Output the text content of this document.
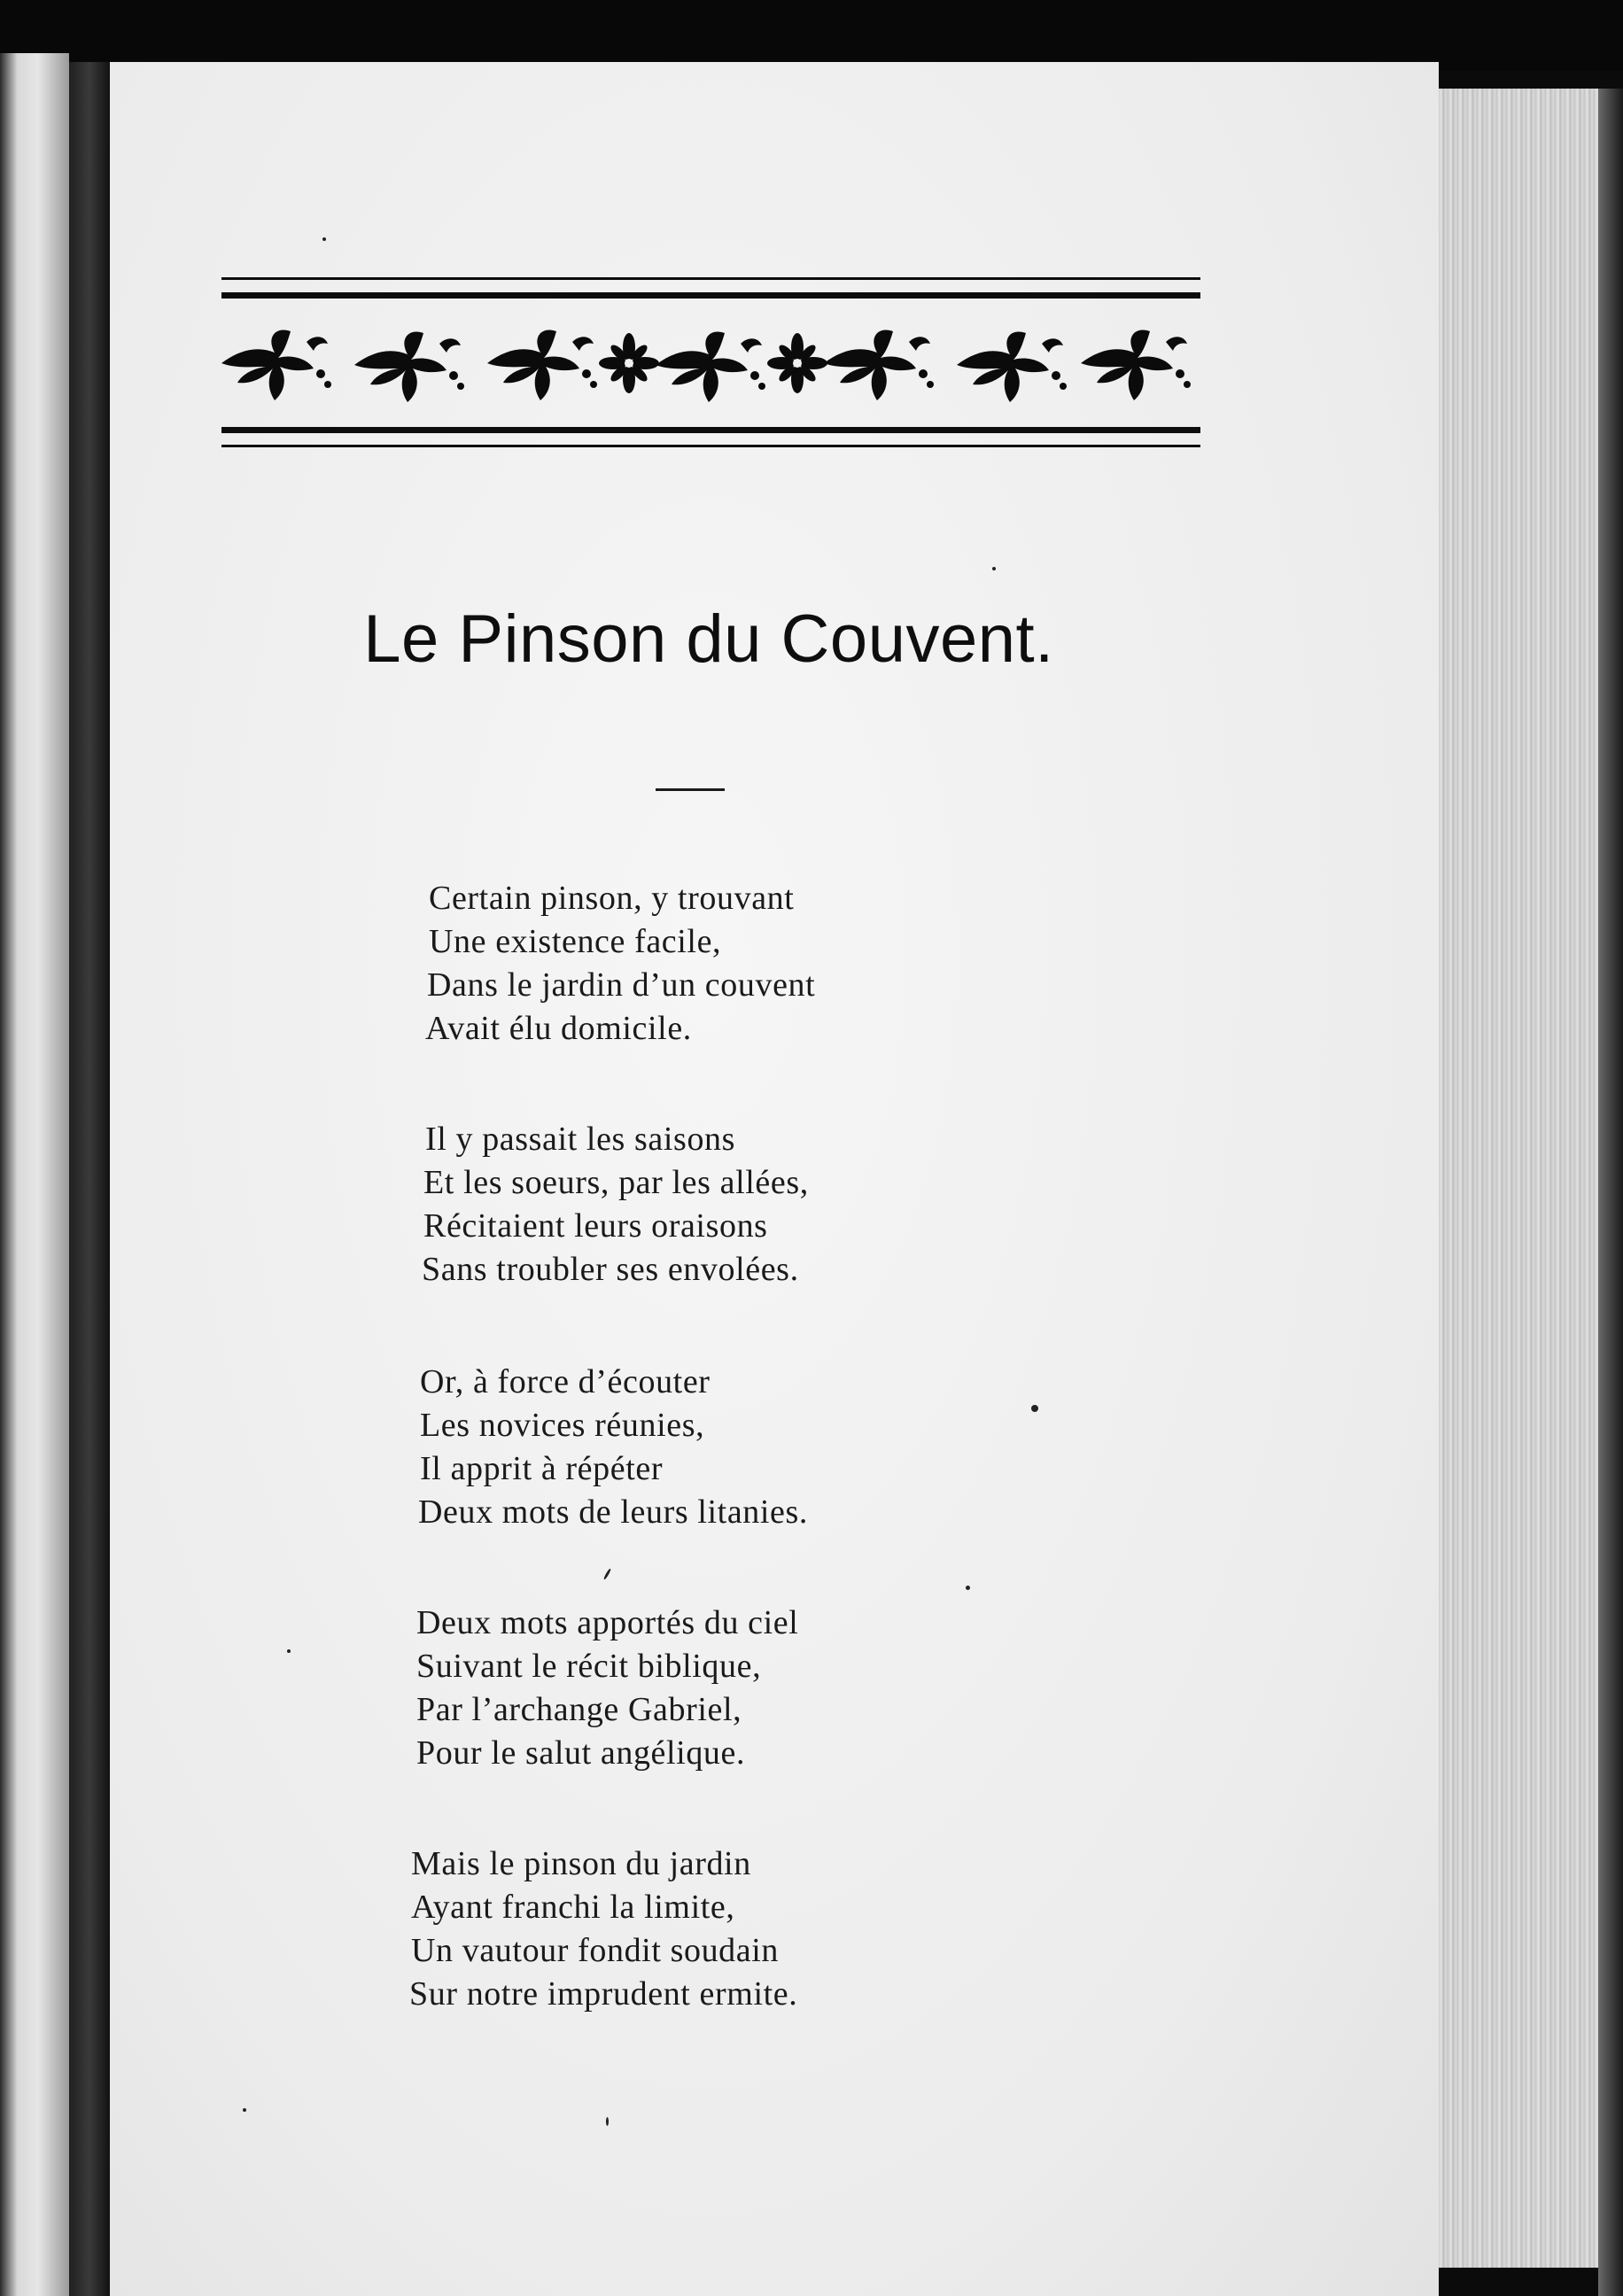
Le Pinson du Couvent.
Certain pinson, y trouvant
Une existence facile,
Dans le jardin d’un couvent
Avait élu domicile.
Il y passait les saisons
Et les soeurs, par les allées,
Récitaient leurs oraisons
Sans troubler ses envolées.
Or, à force d’écouter
Les novices réunies,
Il apprit à répéter
Deux mots de leurs litanies.
Deux mots apportés du ciel
Suivant le récit biblique,
Par l’archange Gabriel,
Pour le salut angélique.
Mais le pinson du jardin
Ayant franchi la limite,
Un vautour fondit soudain
Sur notre imprudent ermite.
